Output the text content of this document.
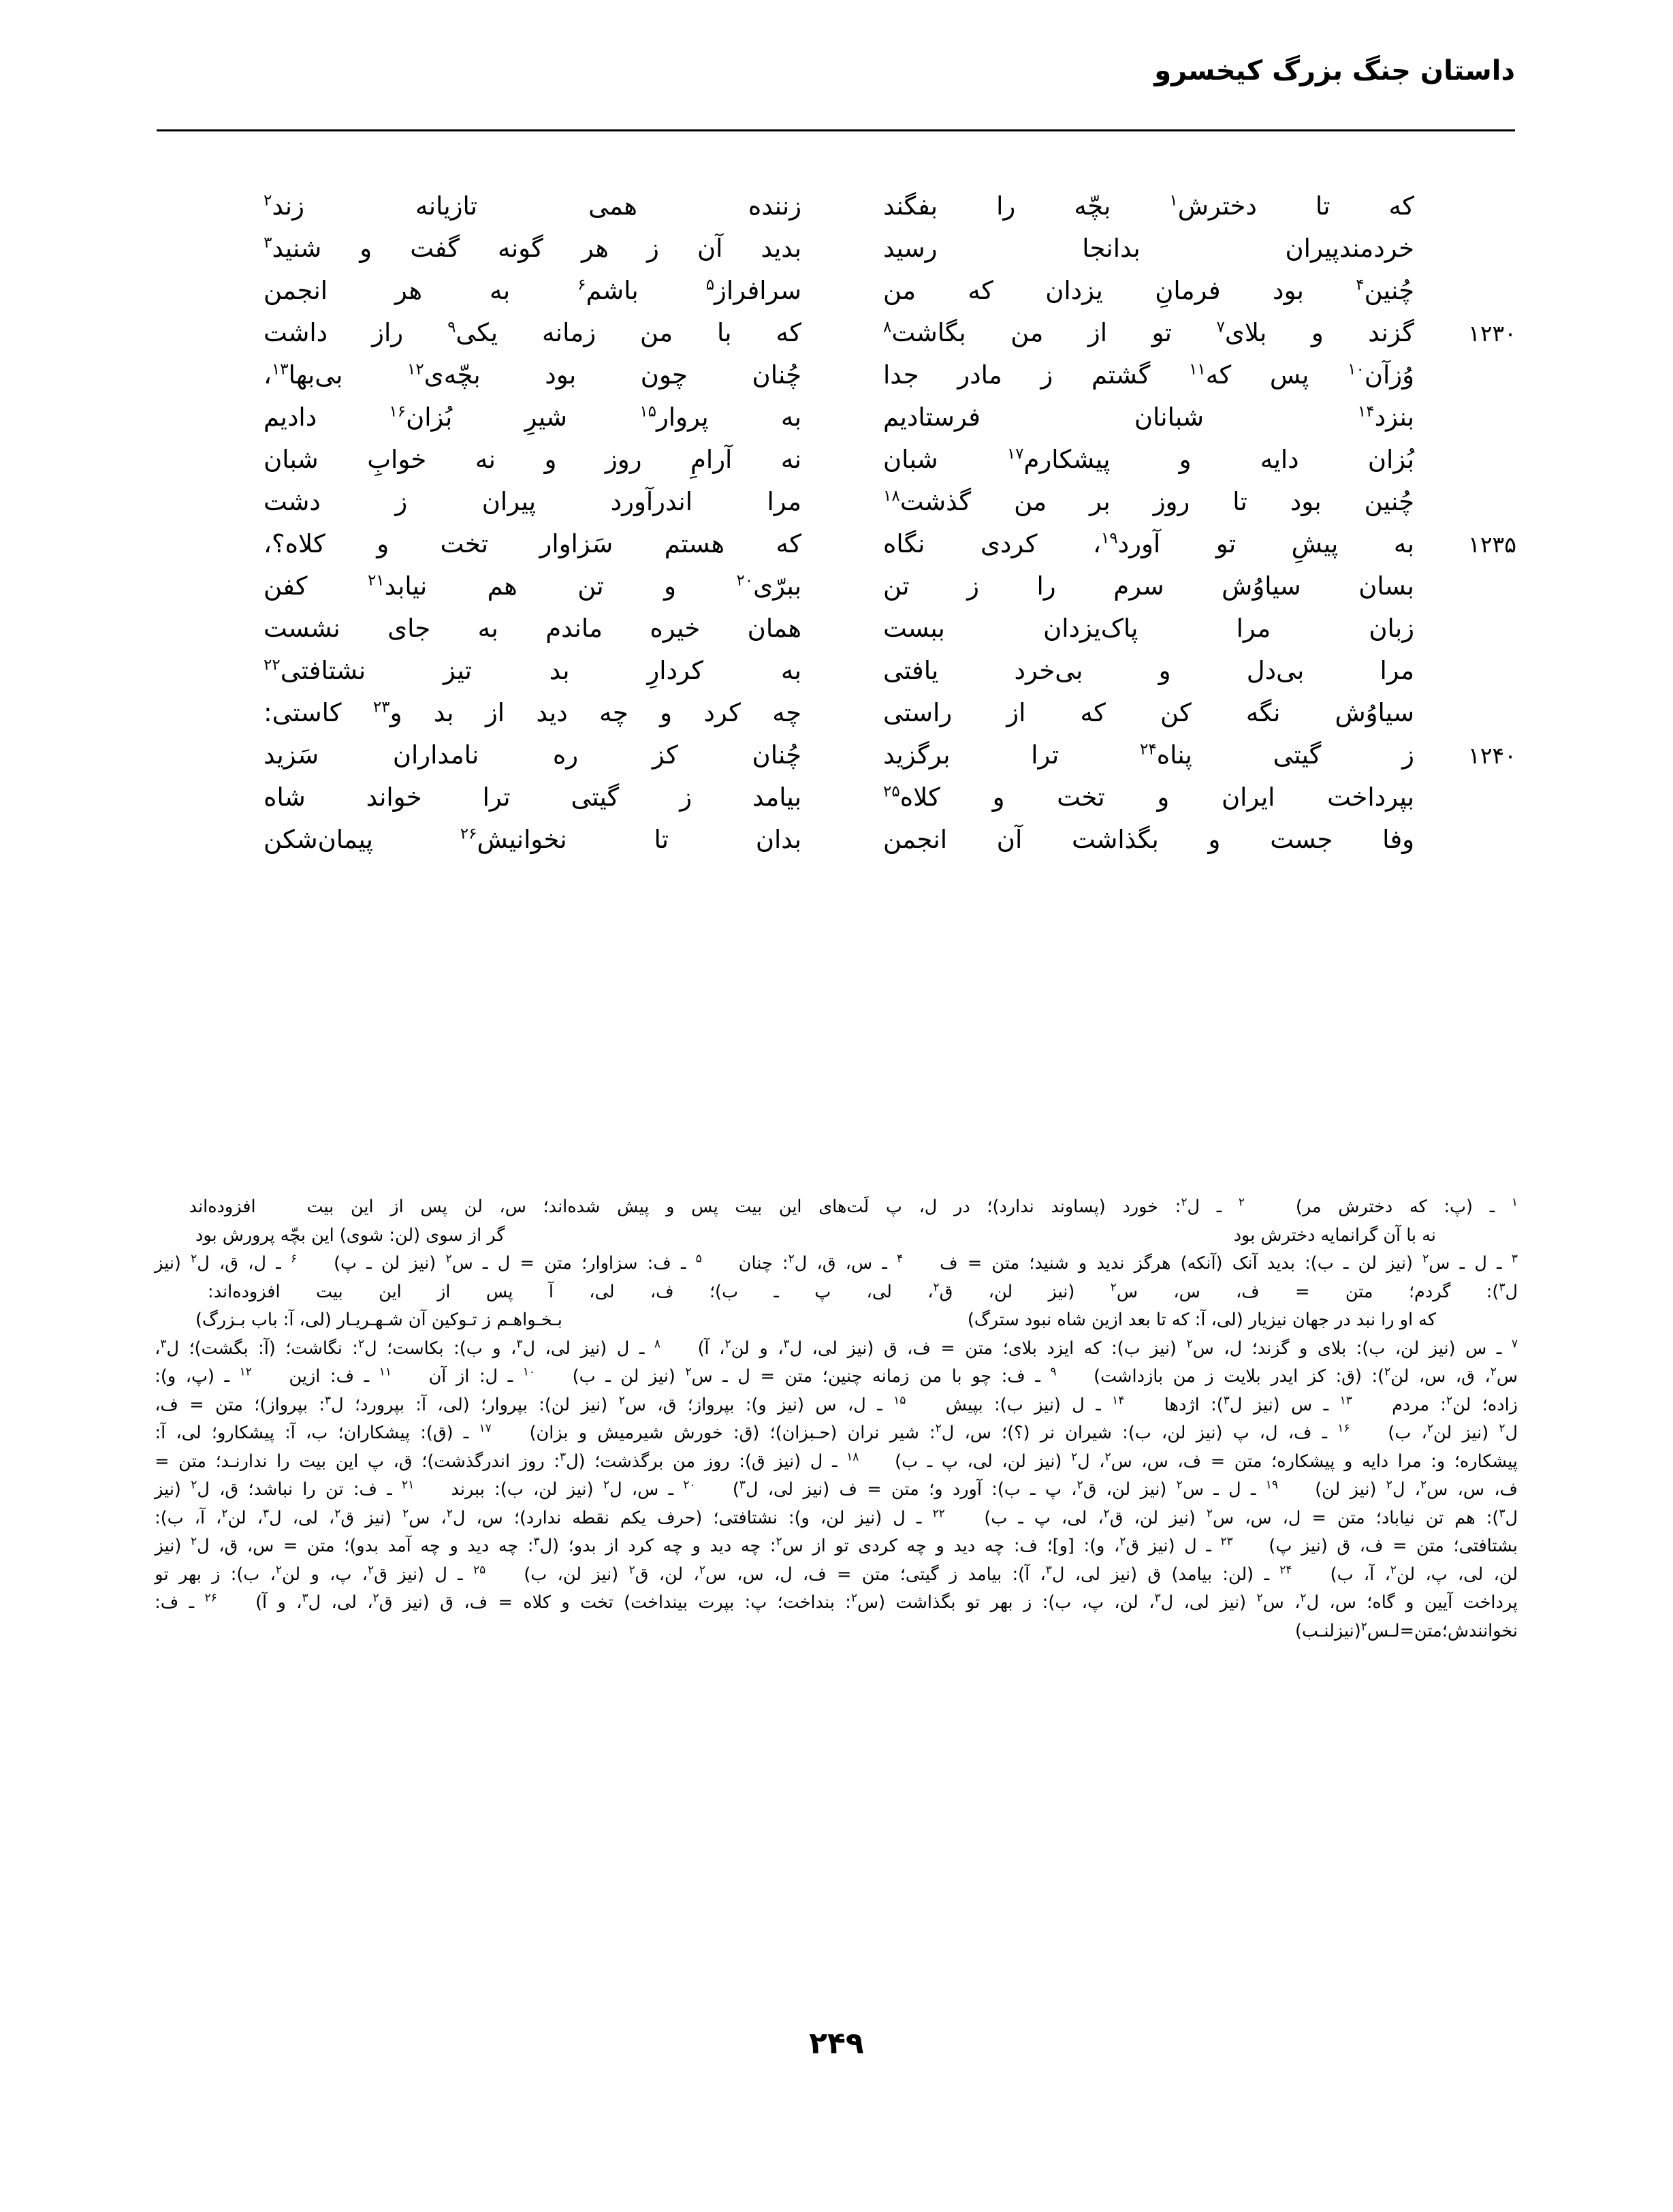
داستان جنگ بزرگ کیخسرو
که
تا
دخترش$^۱$
بچّه
را
بفگند
زننده
همی
تازیانه
زند$^۲$
خردمندپیران
بدانجا
رسید
بدید
آن
ز
هر
گونه
گفت
و
شنید$^۳$
چُنین$^۴$
بود
فرمانِ
یزدان
که
من
سرافراز$^۵$
باشم$^۶$
به
هر
انجمن
۱۲۳۰
گزند
و
بلای$^۷$
تو
از
من
بگاشت$^۸$
که
با
من
زمانه
یکی$^۹$
راز
داشت
وُزآن$^{۱۰}$
پس
که$^{۱۱}$
گشتم
ز
مادر
جدا
چُنان
چون
بود
بچّه‌ی$^{۱۲}$
بی‌بها$^{۱۳}$،
بنزد$^{۱۴}$
شبانان
فرستادیم
به
پروار$^{۱۵}$
شیرِ
بُزان$^{۱۶}$
دادیم
بُزان
دایه
و
پیشکارم$^{۱۷}$
شبان
نه
آرامِ
روز
و
نه
خوابِ
شبان
چُنین
بود
تا
روز
بر
من
گذشت$^{۱۸}$
مرا
اندرآورد
پیران
ز
دشت
۱۲۳۵
به
پیشِ
تو
آورد$^{۱۹}$،
کردی
نگاه
که
هستم
سَزاوار
تخت
و
کلاه؟،
بسان
سیاوُش
سرم
را
ز
تن
ببرّی$^{۲۰}$
و
تن
هم
نیابد$^{۲۱}$
کفن
زبان
مرا
پاک‌یزدان
ببست
همان
خیره
ماندم
به
جای
نشست
مرا
بی‌دل
و
بی‌خرد
یافتی
به
کردارِ
بد
تیز
نشتافتی$^{۲۲}$
سیاوُش
نگه
کن
که
از
راستی
چه
کرد
و
چه
دید
از
بد
و$^{۲۳}$
کاستی:
۱۲۴۰
ز
گیتی
پناه$^{۲۴}$
ترا
برگزید
چُنان
کز
ره
نامداران
سَزید
بپرداخت
ایران
و
تخت
و
کلاه$^{۲۵}$
بیامد
ز
گیتی
ترا
خواند
شاه
وفا
جست
و
بگذاشت
آن
انجمن
بدان
تا
نخوانیش$^{۲۶}$
پیمان‌شکن
$^۱$
ـ
(پ:
که
دخترش
مر)

$^۲$
ـ
ل$^۲$:
خورد
(پساوند
ندارد)؛
در
ل،
پ
لَت‌های
این
بیت
پس
و
پیش
شده‌اند؛
س،
لن
پس
از
این
بیت

افزوده‌اند

نه با آن گرانمایه دخترش بود
گر از سوی (لن: شوی) این بچّه پرورش بود
$^۳$
ـ
ل
ـ
س$^۲$
(نیز
لن
ـ
ب):
بدید
آنک
(آنکه)
هرگز
ندید
و
شنید؛
متن
=
ف

$^۴$
ـ
س،
ق،
ل$^۲$:
چنان

$^۵$
ـ
ف:
سزاوار؛
متن
=
ل
ـ
س$^۲$
(نیز
لن
ـ
پ)

$^۶$
ـ
ل،
ق،
ل$^۲$
(نیز
ل$^۳$):
گردم؛
متن
=
ف،
س،
س$^۲$
(نیز
لن،
ق$^۲$،
لی،
پ
ـ
ب)؛
ف،
لی،
آ
پس
از
این
بیت
افزوده‌اند:

که او را نبد در جهان نیزیار (لی، آ: که تا بعد ازین شاه نبود سترگ)
بـخـواهـم ز تـوکین آن شـهـریـار (لی، آ: باب بـزرگ)
$^۷$
ـ
س
(نیز
لن،
ب):
بلای
و
گزند؛
ل،
س$^۲$
(نیز
ب):
که
ایزد
بلای؛
متن
=
ف،
ق
(نیز
لی،
ل$^۳$،
و
لن$^۲$،
آ)

$^۸$
ـ
ل
(نیز
لی،
ل$^۳$،
و
ب):
بکاست؛
ل$^۲$:
نگاشت؛
(آ:
بگشت)؛
ل$^۳$،
س$^۲$،
ق،
س،
لن$^۲$):
(ق:
کز
ایدر
بلایت
ز
من
بازداشت)

$^۹$
ـ
ف:
چو
با
من
زمانه
چنین؛
متن
=
ل
ـ
س$^۲$
(نیز
لن
ـ
ب)

$^{۱۰}$
ـ
ل:
از
آن

$^{۱۱}$
ـ
ف:
ازین

$^{۱۲}$
ـ
(پ،
و):
زاده؛
لن$^۲$:
مردم

$^{۱۳}$
ـ
س
(نیز
ل$^۳$):
اژدها

$^{۱۴}$
ـ
ل
(نیز
ب):
بپیش

$^{۱۵}$
ـ
ل،
س
(نیز
و):
بپرواز؛
ق،
س$^۲$
(نیز
لن):
بپروار؛
(لی،
آ:
بپرورد؛
ل$^۳$:
بپرواز)؛
متن
=
ف،
ل$^۲$
(نیز
لن$^۲$،
ب)

$^{۱۶}$
ـ
ف،
ل،
پ
(نیز
لن،
ب):
شیران
نر
(؟)؛
س،
ل$^۲$:
شیر
نران
(حـبزان)؛
(ق:
خورش
شیرمیش
و
بزان)

$^{۱۷}$
ـ
(ق):
پیشکاران؛
ب،
آ:
پیشکارو؛
لی،
آ:
پیشکاره؛
و:
مرا
دایه
و
پیشکاره؛
متن
=
ف،
س،
س$^۲$،
ل$^۲$
(نیز
لن،
لی،
پ
ـ
ب)

$^{۱۸}$
ـ
ل
(نیز
ق):
روز
من
برگذشت؛
(ل$^۳$:
روز
اندرگذشت)؛
ق،
پ
این
بیت
را
ندارنـد؛
متن
=
ف،
س،
س$^۲$،
ل$^۲$
(نیز
لن)

$^{۱۹}$
ـ
ل
ـ
س$^۲$
(نیز
لن،
ق$^۲$،
پ
ـ
ب):
آورد
و؛
متن
=
ف
(نیز
لی،
ل$^۳$)

$^{۲۰}$
ـ
س،
ل$^۲$
(نیز
لن،
ب):
ببرند

$^{۲۱}$
ـ
ف:
تن
را
نباشد؛
ق،
ل$^۲$
(نیز
ل$^۳$):
هم
تن
نیاباد؛
متن
=
ل،
س،
س$^۲$
(نیز
لن،
ق$^۲$،
لی،
پ
ـ
ب)

$^{۲۲}$
ـ
ل
(نیز
لن،
و):
نشتافتی؛
(حرف
یکم
نقطه
ندارد)؛
س،
ل$^۲$،
س$^۲$
(نیز
ق$^۲$،
لی،
ل$^۳$،
لن$^۲$،
آ،
ب):
بشتافتی؛
متن
=
ف،
ق
(نیز
پ)

$^{۲۳}$
ـ
ل
(نیز
ق$^۲$،
و):
[و]؛
ف:
چه
دید
و
چه
کردی
تو
از
س$^۲$:
چه
دید
و
چه
کرد
از
بدو؛
(ل$^۳$:
چه
دید
و
چه
آمد
بدو)؛
متن
=
س،
ق،
ل$^۲$
(نیز
لن،
لی،
پ،
لن$^۲$،
آ،
ب)

$^{۲۴}$
ـ
(لن:
بیامد)
ق
(نیز
لی،
ل$^۳$،
آ):
بیامد
ز
گیتی؛
متن
=
ف،
ل،
س،
س$^۲$،
لن،
ق$^۲$
(نیز
لن،
ب)

$^{۲۵}$
ـ
ل
(نیز
ق$^۲$،
پ،
و
لن$^۲$،
ب):
ز
بهر
تو
پرداخت
آیین
و
گاه؛
س،
ل$^۲$،
س$^۲$
(نیز
لی،
ل$^۳$،
لن،
پ،
ب):
ز
بهر
تو
بگذاشت
(س$^۲$:
بنداخت؛
پ:
بپرت
بینداخت)
تخت
و
کلاه
=
ف،
ق
(نیز
ق$^۲$،
لی،
ل$^۳$،
و
آ)

$^{۲۶}$
ـ
ف:
نخوانندش؛متن=لـس$^۲$(نیزلنـب) 
۲۴۹
